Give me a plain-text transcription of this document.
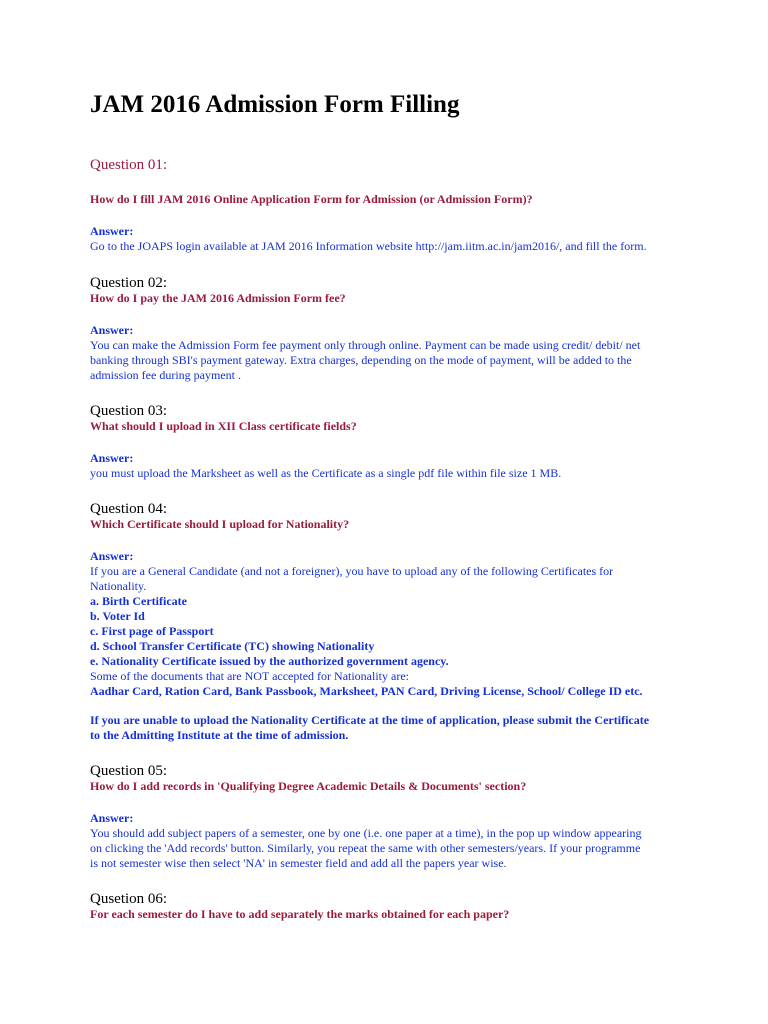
JAM 2016 Admission Form Filling
Question 01:
How do I fill JAM 2016 Online Application Form for Admission (or Admission Form)?
Answer:
Go to the JOAPS login available at JAM 2016 Information website http://jam.iitm.ac.in/jam2016/, and fill the form.
Question 02:
How do I pay the JAM 2016 Admission Form fee?
Answer:
You can make the Admission Form fee payment only through online. Payment can be made using credit/ debit/ net
banking through SBI's payment gateway. Extra charges, depending on the mode of payment, will be added to the
admission fee during payment .
Question 03:
What should I upload in XII Class certificate fields?
Answer:
you must upload the Marksheet as well as the Certificate as a single pdf file within file size 1 MB.
Question 04:
Which Certificate should I upload for Nationality?
Answer:
If you are a General Candidate (and not a foreigner), you have to upload any of the following Certificates for
Nationality.
a. Birth Certificate
b. Voter Id
c. First page of Passport
d. School Transfer Certificate (TC) showing Nationality
e. Nationality Certificate issued by the authorized government agency.
Some of the documents that are NOT accepted for Nationality are:
Aadhar Card, Ration Card, Bank Passbook, Marksheet, PAN Card, Driving License, School/ College ID etc.
If you are unable to upload the Nationality Certificate at the time of application, please submit the Certificate
to the Admitting Institute at the time of admission.
Question 05:
How do I add records in 'Qualifying Degree Academic Details & Documents' section?
Answer:
You should add subject papers of a semester, one by one (i.e. one paper at a time), in the pop up window appearing
on clicking the 'Add records' button. Similarly, you repeat the same with other semesters/years. If your programme
is not semester wise then select 'NA' in semester field and add all the papers year wise.
Qusetion 06:
For each semester do I have to add separately the marks obtained for each paper?
